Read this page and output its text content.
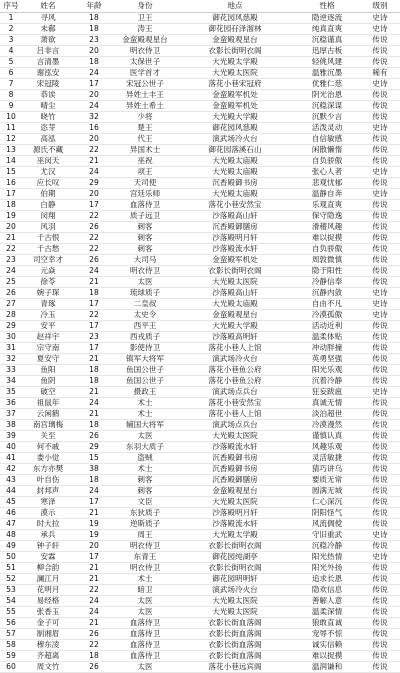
序号	姓名	年龄	身份	地点	性格	级别
1	寻风	18	卫王	御花园风慈殿	隐逆逐流	史诗
2	未郗	18	涛王	御花园孖泽溜林	纯真直爽	史诗
3	萧欲	23	金蛮殿观星台	金蛮殿观星台	沉稳谨真	传说
4	吕非言	20	明衣侍卫	衣影长街明衣阁	迅厚古板	传说
5	言清墨	18	太保世子	大光殿太学殿	轻佻风建	传说
6	谢泓安	24	医学首才	大光殿太医院	温雅沉墨	稀有
7	宋冠陵	17	宋冠公世子	落花小巷宋冠府	优雅仁慈	史诗
8	恭诶	20	异姓土丰王	金蛮殿军机处	阴光治恩	传说
9	晴尘	24	异姓土希土	金蛮殿军机处	沉稳深谋	传说
10	晓竹	32	少将	大光殿大学殿	沉默少言	传说
11	恣芽	16	楚王	御花园风慈殿	活泼灵动	史诗
12	高泓	20	代王	演武场冷火台	自信敏感	传说
13	源氏不藏	22	异国术士	御花园落溪石山	闲散懒惰	传说
14	巫闵天	21	巫祝	大光殿太庙殿	自负骄傲	传说
15	尤汉	24	项王	大光殿太庙殿	张心人者	史诗
16	应长叹	29	天司使	沉香殿御书房	悲观忧郁	传说
17	伯期	20	宫廷乐师	大光殿太庙殿	温静自奔	史诗
18	白静	17	血落侍卫	落花小巷安然宝	乐观直爽	传说
19	闵翔	22	质子远卫	沙落殿高山轩	保守隐逸	传说
20	风羽	26	刺客	沉香殿御膳房	滑稽风趣	传说
21	千古恨	22	刺客	沙落殿明月轩	难以捉摸	传说
22	千古愁	22	刺客	沙落殿流水轩	自负骄傲	传说
23	司空幸才	26	大司马	金蛮殿军机处	周敦微慎	传说
24	元焱	24	明衣侍卫	衣影长街明衣阁	隐于阳性	传说
25	徐苓	21	太医	大光殿太医院	冷静信奉	传说
26	婉子琛	18	琉球质子	沙落殿高山轩	沉静内敛	史诗
27	青琢	17	二皇叔	大光殿太庙殿	自由不凡	史诗
28	冷玉	22	太史令	金蛮殿观星台	冷漠孤傲	史诗
29	安平	17	西平王	大光殿大学殿	活动近利	传说
30	赵祥宇	23	西戎质子	沙落殿高明轩	温柔体贴	传说
31	宗守南	17	影使侍卫	落花小巷人上馆	冲动胖撞	传说
32	夏安守	21	镇军大将军	演武场冷火台	英勇坚强	传说
33	鱼阳	18	鱼国公世子	落花小巷鱼公府	阳光乐观	传说
34	鱼阴	18	鱼国公世子	落花小巷鱼公府	沉着冷静	传说
35	破空	21	摄政王	演武场点兵台	狂妄跋扈	史诗
36	祖鼠年	24	术士	落花小巷安然宝	真诚无情	传说
37	云闲鹤	21	术士	落花小巷人上馆	淡泊超世	传说
38	南宫璃梅	18	辅国大将军	演武场点兵台	冷漠漫然	传说
39	关至	26	太医	大光殿太医院	谨慎认真	传说
40	何不戚	29	东羽大质子	沙落殿流水轩	风趣乐观	传说
41	娄小觉	15	盗贼	沉香殿御书房	灵活敏捷	传说
42	东方亦樊	38	术士	沉香殿御书房	猜巧讲乌	传说
43	叶自伤	18	刺客	沉香殿御膳房	要质无常	传说
44	封邦声	24	刺客	金蛮殿观星台	圆满无城	传说
45	寒泽	17	文臣	大光殿太医院	仁心深沉	传说
46	漠示	21	东狄质子	沙落殿明月轩	阴阳怪气	传说
47	时大拉	19	逆斯质子	沙落殿流水轩	风流倜傥	传说
48	承兵	19	周王	大光殿太学殿	守旧重武	史诗
49	钟子轩	20	明衣侍卫	衣影长街明衣阁	沉稳冷静	传说
50	安霖	17	东青王	御花园纯湖亭	阳光热情	史诗
51	柳合韵	21	明衣侍卫	衣影长街明衣阁	阳光外扬	传说
52	澜江月	21	术士	御花园明明轩	追求长恩	传说
53	花明月	22	暗卫	演武场冷火台	隐欢信息	传说
54	易经格	24	太医	大光殿太医院	善解人意	传说
55	张香玉	24	太医	大光殿太医院	温柔深情	传说
56	金子可	21	血落侍卫	衣影长街血落阁	狼敢直诚	传说
57	制湘眉	26	血落侍卫	衣影长街血落阁	宠辱不惊	传说
58	穆东凌	22	血落侍卫	衣影长街血落阁	诚实信赖	传说
59	齐超离	18	血落侍卫	衣影长街血落阁	难以捉摸	传说
60	周文竹	26	太医	落花小巷远宾阁	温润谦和	传说
